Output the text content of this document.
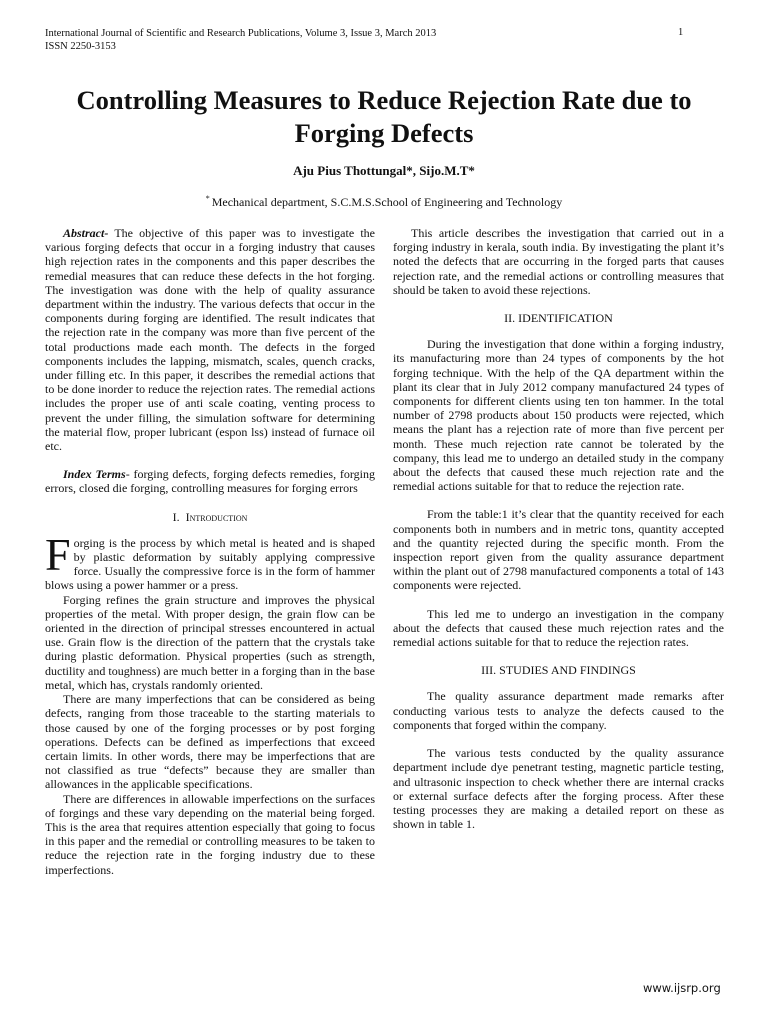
International Journal of Scientific and Research Publications, Volume 3, Issue 3, March 2013
ISSN 2250-3153
1
Controlling Measures to Reduce Rejection Rate due to Forging Defects
Aju Pius Thottungal*, Sijo.M.T*
* Mechanical department, S.C.M.S.School of Engineering and Technology

Abstract- The objective of this paper was to investigate the various forging defects that occur in a forging industry that causes high rejection rates in the components and this paper describes the remedial measures that can reduce these defects in the hot forging. The investigation was done with the help of quality assurance department within the industry. The various defects that occur in the components during forging are identified. The result indicates that the rejection rate in the company was more than five percent of the total productions made each month. The defects in the forged components includes the lapping, mismatch, scales, quench cracks, under filling etc. In this paper, it describes the remedial actions that to be done inorder to reduce the rejection rates. The remedial actions includes the proper use of anti scale coating, venting process to prevent the under filling, the simulation software for determining the material flow, proper lubricant (espon lss) instead of furnace oil etc.

Index Terms- forging defects, forging defects remedies, forging errors, closed die forging, controlling measures for forging errors

I. Introduction

Forging is the process by which metal is heated and is shaped by plastic deformation by suitably applying compressive force. Usually the compressive force is in the form of hammer blows using a power hammer or a press.

Forging refines the grain structure and improves the physical properties of the metal. With proper design, the grain flow can be oriented in the direction of principal stresses encountered in actual use. Grain flow is the direction of the pattern that the crystals take during plastic deformation. Physical properties (such as strength, ductility and toughness) are much better in a forging than in the base metal, which has, crystals randomly oriented.

There are many imperfections that can be considered as being defects, ranging from those traceable to the starting materials to those caused by one of the forging processes or by post forging operations. Defects can be defined as imperfections that exceed certain limits. In other words, there may be imperfections that are not classified as true “defects” because they are smaller than allowances in the applicable specifications.

There are differences in allowable imperfections on the surfaces of forgings and these vary depending on the material being forged. This is the area that requires attention especially that going to focus in this paper and the remedial or controlling measures to be taken to reduce the rejection rate in the forging industry due to these imperfections.

This article describes the investigation that carried out in a forging industry in kerala, south india. By investigating the plant it’s noted the defects that are occurring in the forged parts that causes rejection rate, and the remedial actions or controlling measures that should be taken to avoid these rejections.

II. IDENTIFICATION

During the investigation that done within a forging industry, its manufacturing more than 24 types of components by the hot forging technique. With the help of the QA department within the plant its clear that in July 2012 company manufactured 24 types of components for different clients using ten ton hammer. In the total number of 2798 products about 150 products were rejected, which means the plant has a rejection rate of more than five percent per month. These much rejection rate cannot be tolerated by the company, this lead me to undergo an detailed study in the company about the defects that caused these much rejection rate and the remedial actions suitable for that to reduce the rejection rate.

From the table:1 it’s clear that the quantity received for each components both in numbers and in metric tons, quantity accepted and the quantity rejected during the specific month. From the inspection report given from the quality assurance department within the plant out of 2798 manufactured components a total of 143 components were rejected.

This led me to undergo an investigation in the company about the defects that caused these much rejection rates and the remedial actions suitable for that to reduce the rejection rates.

III. STUDIES AND FINDINGS

The quality assurance department made remarks after conducting various tests to analyze the defects caused to the components that forged within the company.

The various tests conducted by the quality assurance department include dye penetrant testing, magnetic particle testing, and ultrasonic inspection to check whether there are internal cracks or external surface defects after the forging process. After these testing processes they are making a detailed report on these as shown in table 1.

www.ijsrp.org
